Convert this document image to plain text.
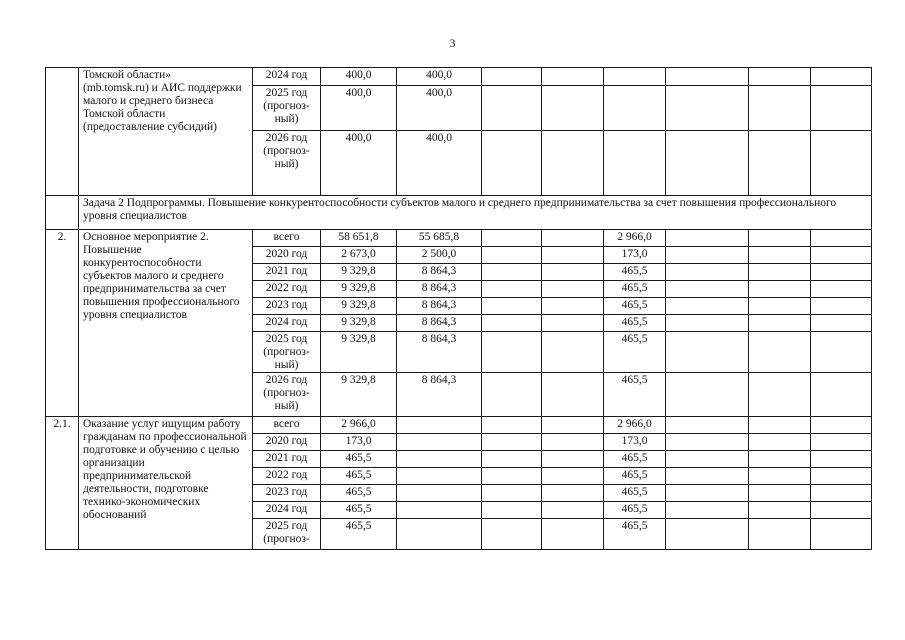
3
	Томской области»
(mb.tomsk.ru) и АИС поддержки малого и среднего бизнеса Томской области (предоставление субсидий)	2024 год	400,0	400,0						
		2025 год
(прогноз-
ный)	400,0	400,0						
		2026 год
(прогноз-
ный)	400,0	400,0						
	Задача 2 Подпрограммы. Повышение конкурентоспособности субъектов малого и среднего предпринимательства за счет повышения профессионального уровня специалистов									
2.	Основное мероприятие 2. Повышение конкурентоспособности субъектов малого и среднего предпринимательства за счет повышения профессионального уровня специалистов	всего	58 651,8	55 685,8			2 966,0			
		2020 год	2 673,0	2 500,0			173,0			
		2021 год	9 329,8	8 864,3			465,5			
		2022 год	9 329,8	8 864,3			465,5			
		2023 год	9 329,8	8 864,3			465,5			
		2024 год	9 329,8	8 864,3			465,5			
		2025 год
(прогноз-
ный)	9 329,8	8 864,3			465,5			
		2026 год
(прогноз-
ный)	9 329,8	8 864,3			465,5			
2.1.	Оказание услуг ищущим работу гражданам по профессиональной подготовке и обучению с целью организации предпринимательской деятельности, подготовке технико-экономических обоснований	всего	2 966,0				2 966,0			
		2020 год	173,0				173,0			
		2021 год	465,5				465,5			
		2022 год	465,5				465,5			
		2023 год	465,5				465,5			
		2024 год	465,5				465,5			
		2025 год
(прогноз-	465,5				465,5			
